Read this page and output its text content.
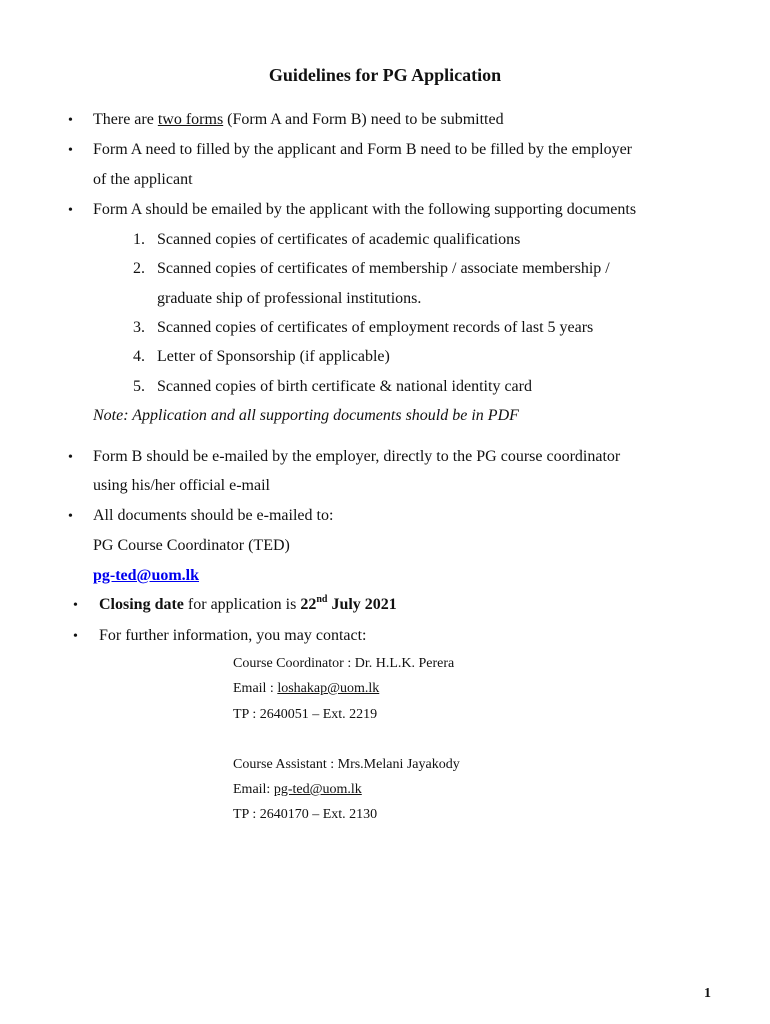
Guidelines for PG Application
• There are two forms (Form A and Form B) need to be submitted
• Form A need to filled by the applicant and Form B need to be filled by the employer
of the applicant
• Form A should be emailed by the applicant with the following supporting documents
1. Scanned copies of certificates of academic qualifications
2. Scanned copies of certificates of membership / associate membership /
graduate ship of professional institutions.
3. Scanned copies of certificates of employment records of last 5 years
4. Letter of Sponsorship (if applicable)
5. Scanned copies of birth certificate & national identity card
Note: Application and all supporting documents should be in PDF
• Form B should be e-mailed by the employer, directly to the PG course coordinator
using his/her official e-mail
• All documents should be e-mailed to:
PG Course Coordinator (TED)
pg-ted@uom.lk
• Closing date for application is 22nd July 2021
• For further information, you may contact:
Course Coordinator : Dr. H.L.K. Perera
Email : loshakap@uom.lk
TP : 2640051 – Ext. 2219
Course Assistant : Mrs.Melani Jayakody
Email: pg-ted@uom.lk
TP : 2640170 – Ext. 2130
1
